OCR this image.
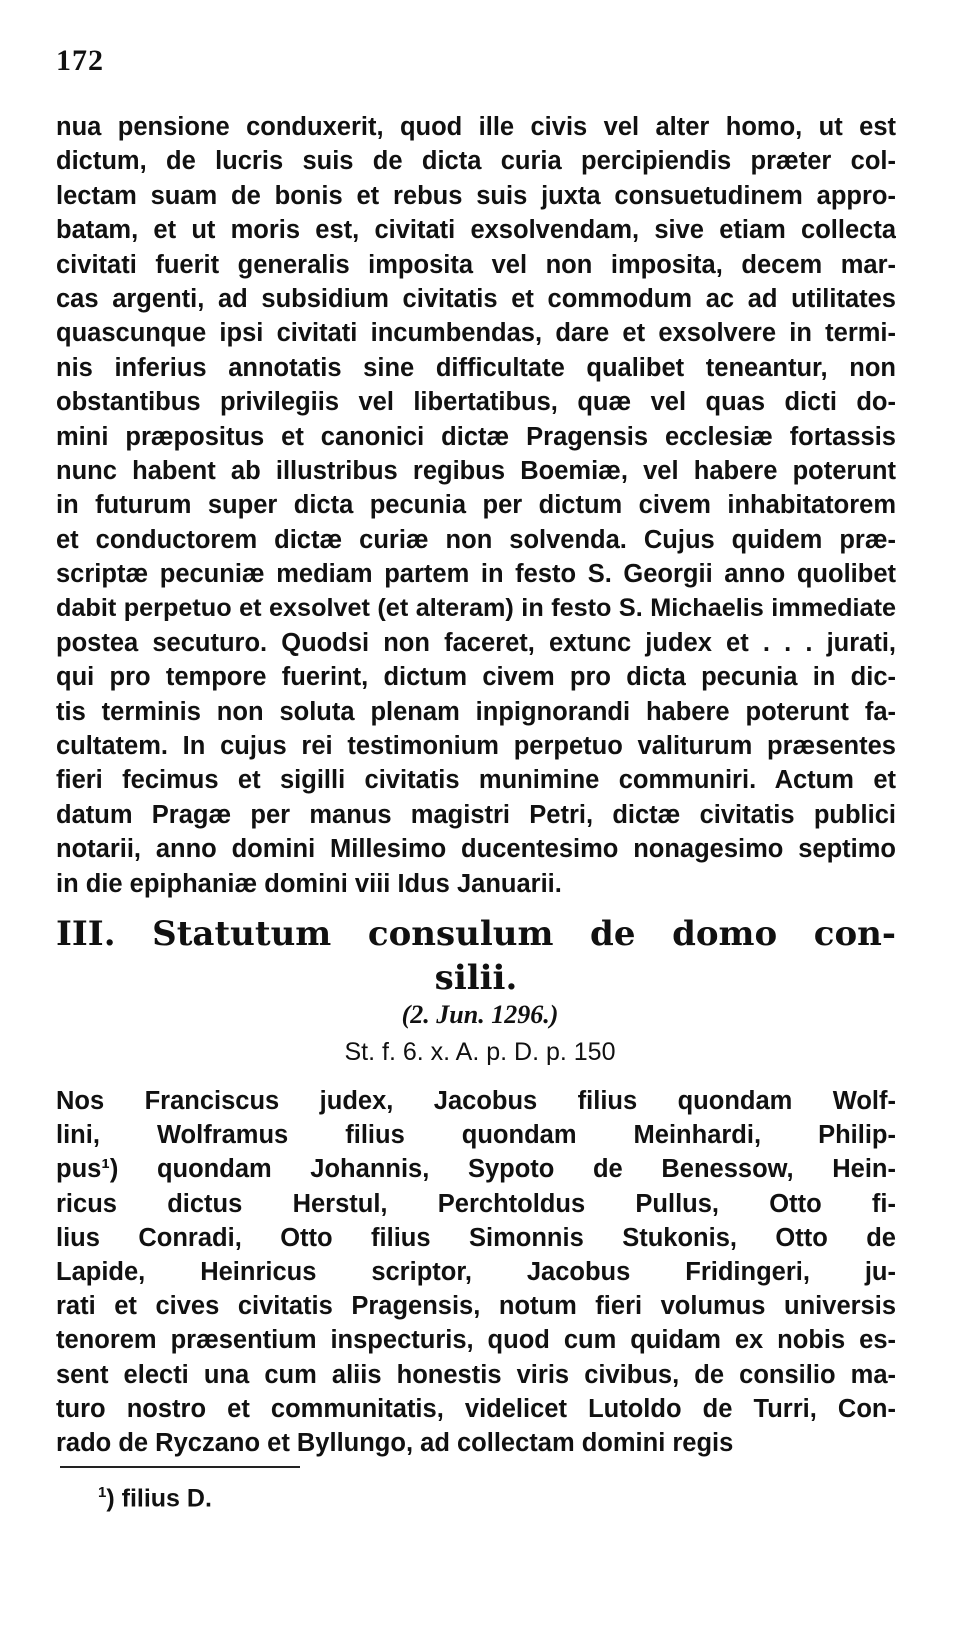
172
nua pensione conduxerit, quod ille civis vel alter homo, ut est
dictum, de lucris suis de dicta curia percipiendis præter col-
lectam suam de bonis et rebus suis juxta consuetudinem appro-
batam, et ut moris est, civitati exsolvendam, sive etiam collecta
civitati fuerit generalis imposita vel non imposita, decem mar-
cas argenti, ad subsidium civitatis et commodum ac ad utilitates
quascunque ipsi civitati incumbendas, dare et exsolvere in termi-
nis inferius annotatis sine difficultate qualibet teneantur, non
obstantibus privilegiis vel libertatibus, quæ vel quas dicti do-
mini præpositus et canonici dictæ Pragensis ecclesiæ fortassis
nunc habent ab illustribus regibus Boemiæ, vel habere poterunt
in futurum super dicta pecunia per dictum civem inhabitatorem
et conductorem dictæ curiæ non solvenda. Cujus quidem præ-
scriptæ pecuniæ mediam partem in festo S. Georgii anno quolibet
dabit perpetuo et exsolvet (et alteram) in festo S. Michaelis immediate
postea secuturo. Quodsi non faceret, extunc judex et . . . jurati,
qui pro tempore fuerint, dictum civem pro dicta pecunia in dic-
tis terminis non soluta plenam inpignorandi habere poterunt fa-
cultatem. In cujus rei testimonium perpetuo valiturum præsentes
fieri fecimus et sigilli civitatis munimine communiri. Actum et
datum Pragæ per manus magistri Petri, dictæ civitatis publici
notarii, anno domini Millesimo ducentesimo nonagesimo septimo
in die epiphaniæ domini viii Idus Januarii.
III. Statutum consulum de domo con-
silii.
(2. Jun. 1296.)
St. f. 6. x. A. p. D. p. 150
Nos Franciscus judex, Jacobus filius quondam Wolf-
lini, Wolframus filius quondam Meinhardi, Philip-
pus¹) quondam Johannis, Sypoto de Benessow, Hein-
ricus dictus Herstul, Perchtoldus Pullus, Otto fi-
lius Conradi, Otto filius Simonnis Stukonis, Otto de
Lapide, Heinricus scriptor, Jacobus Fridingeri, ju-
rati et cives civitatis Pragensis, notum fieri volumus universis
tenorem præsentium inspecturis, quod cum quidam ex nobis es-
sent electi una cum aliis honestis viris civibus, de consilio ma-
turo nostro et communitatis, videlicet Lutoldo de Turri, Con-
rado de Ryczano et Byllungo, ad collectam domini regis
$^1$) filius D.
